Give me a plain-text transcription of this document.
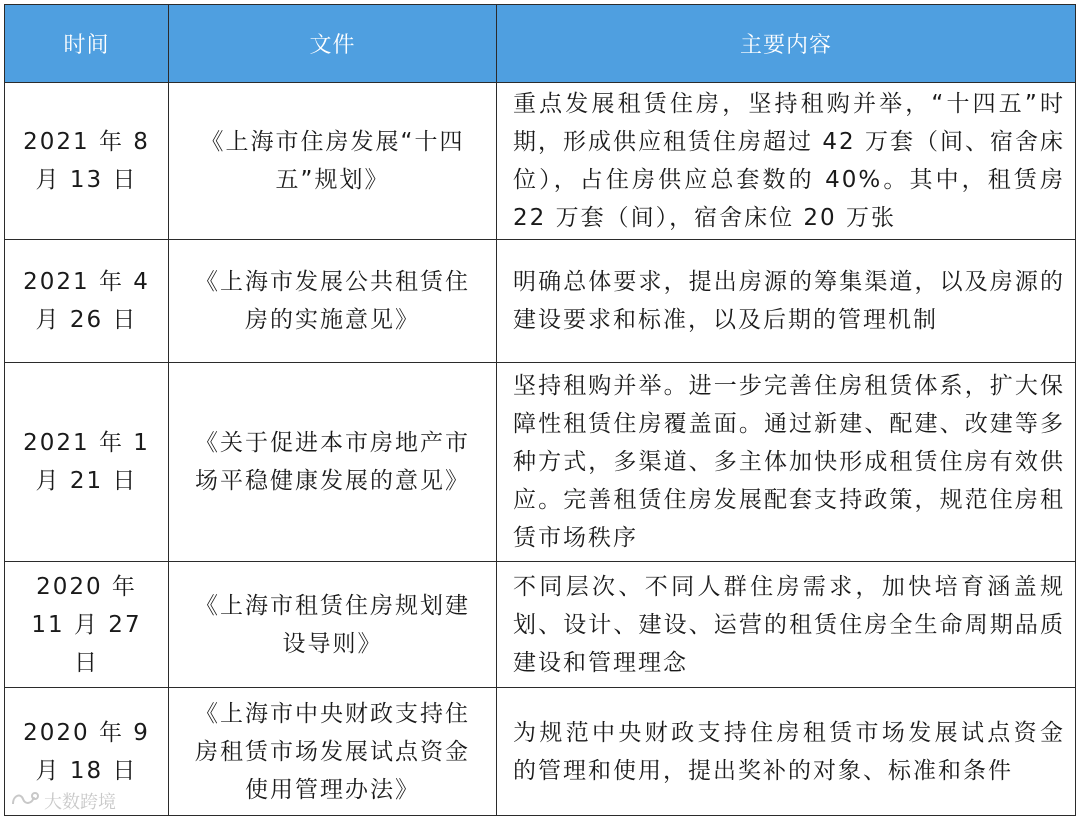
时间	文件	主要内容
2021 年 8 月 13 日	《上海市住房发展“十四五”规划》	重点发展租赁住房，坚持租购并举，“十四五”时期，形成供应租赁住房超过 42 万套（间、宿舍床位），占住房供应总套数的 40%。其中，租赁房 22 万套（间），宿舍床位 20 万张
2021 年 4 月 26 日	《上海市发展公共租赁住房的实施意见》	明确总体要求，提出房源的筹集渠道，以及房源的建设要求和标准，以及后期的管理机制
2021 年 1 月 21 日	《关于促进本市房地产市场平稳健康发展的意见》	坚持租购并举。进一步完善住房租赁体系，扩大保障性租赁住房覆盖面。通过新建、配建、改建等多种方式，多渠道、多主体加快形成租赁住房有效供应。完善租赁住房发展配套支持政策，规范住房租赁市场秩序
2020 年 11 月 27 日	《上海市租赁住房规划建设导则》	不同层次、不同人群住房需求，加快培育涵盖规划、设计、建设、运营的租赁住房全生命周期品质建设和管理理念
2020 年 9 月 18 日	《上海市中央财政支持住房租赁市场发展试点资金使用管理办法》	为规范中央财政支持住房租赁市场发展试点资金 的管理和使用，提出奖补的对象、标准和条件
大数跨境
